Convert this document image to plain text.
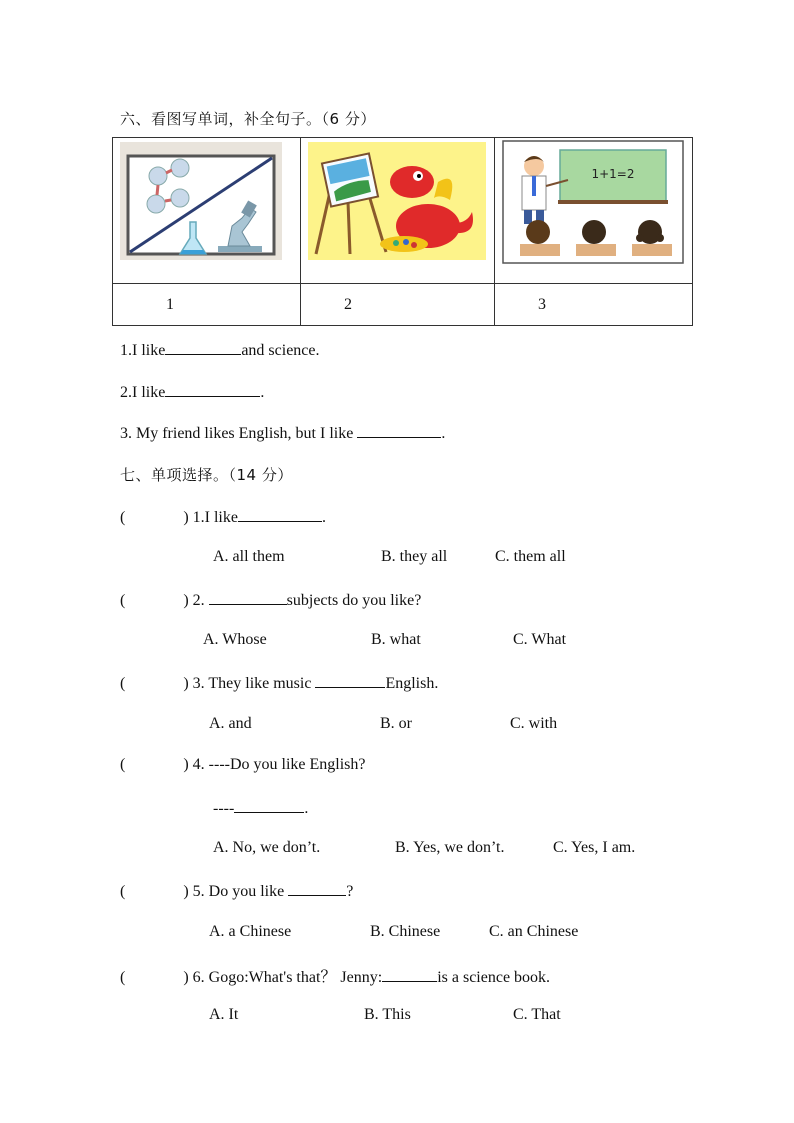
六、看图写单词，补全句子。（6 分）

1+1=2

1	2	3
1.I like	and science.
2.I like	.
3. My friend likes English, but I like	.
七、单项选择。（14 分）
(	) 1.I like	.
A. all them	B. they all	C. them all
(	) 2.	subjects do you like?
A. Whose	B. what	C. What
(	) 3. They like music	English.
A. and	B. or	C. with
(	) 4. ----Do you like English?
----	.
A. No, we don’t.	B. Yes, we don’t.	C. Yes, I am.
(	) 5. Do you like	?
A. a Chinese	B. Chinese	C. an Chinese
(	) 6. Gogo:What's that？ Jenny:	is a science book.
A. It	B. This	C. That
